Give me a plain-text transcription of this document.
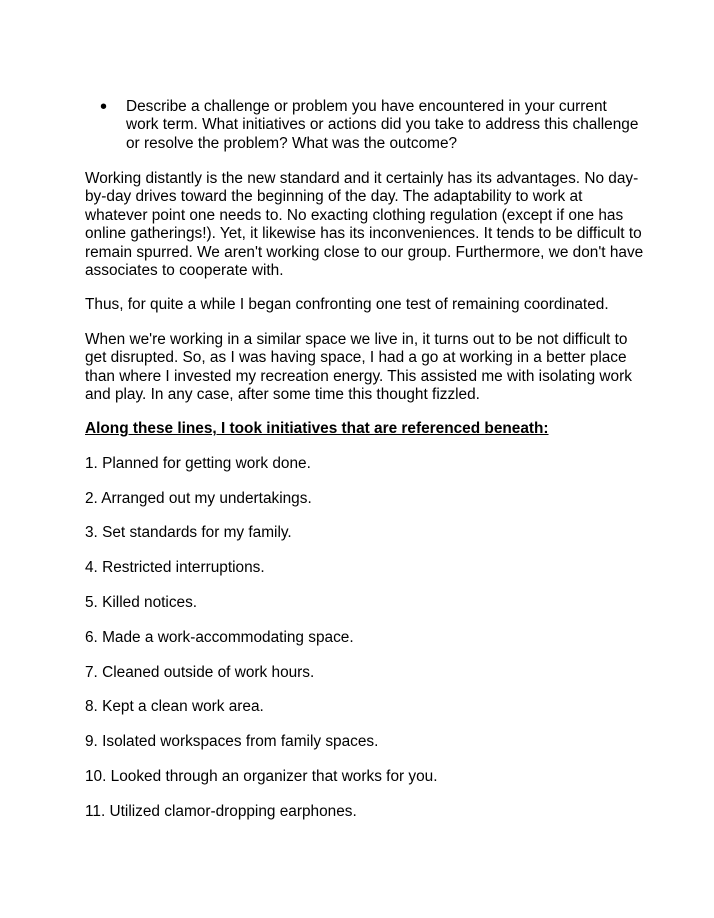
• Describe a challenge or problem you have encountered in your current work term. What initiatives or actions did you take to address this challenge or resolve the problem? What was the outcome?

Working distantly is the new standard and it certainly has its advantages. No day-by-day drives toward the beginning of the day. The adaptability to work at whatever point one needs to. No exacting clothing regulation (except if one has online gatherings!). Yet, it likewise has its inconveniences. It tends to be difficult to remain spurred. We aren't working close to our group. Furthermore, we don't have associates to cooperate with.

Thus, for quite a while I began confronting one test of remaining coordinated.

When we're working in a similar space we live in, it turns out to be not difficult to get disrupted. So, as I was having space, I had a go at working in a better place than where I invested my recreation energy. This assisted me with isolating work and play. In any case, after some time this thought fizzled.

Along these lines, I took initiatives that are referenced beneath:

1. Planned for getting work done.
2. Arranged out my undertakings.
3. Set standards for my family.
4. Restricted interruptions.
5. Killed notices.
6. Made a work-accommodating space.
7. Cleaned outside of work hours.
8. Kept a clean work area.
9. Isolated workspaces from family spaces.
10. Looked through an organizer that works for you.
11. Utilized clamor-dropping earphones.
